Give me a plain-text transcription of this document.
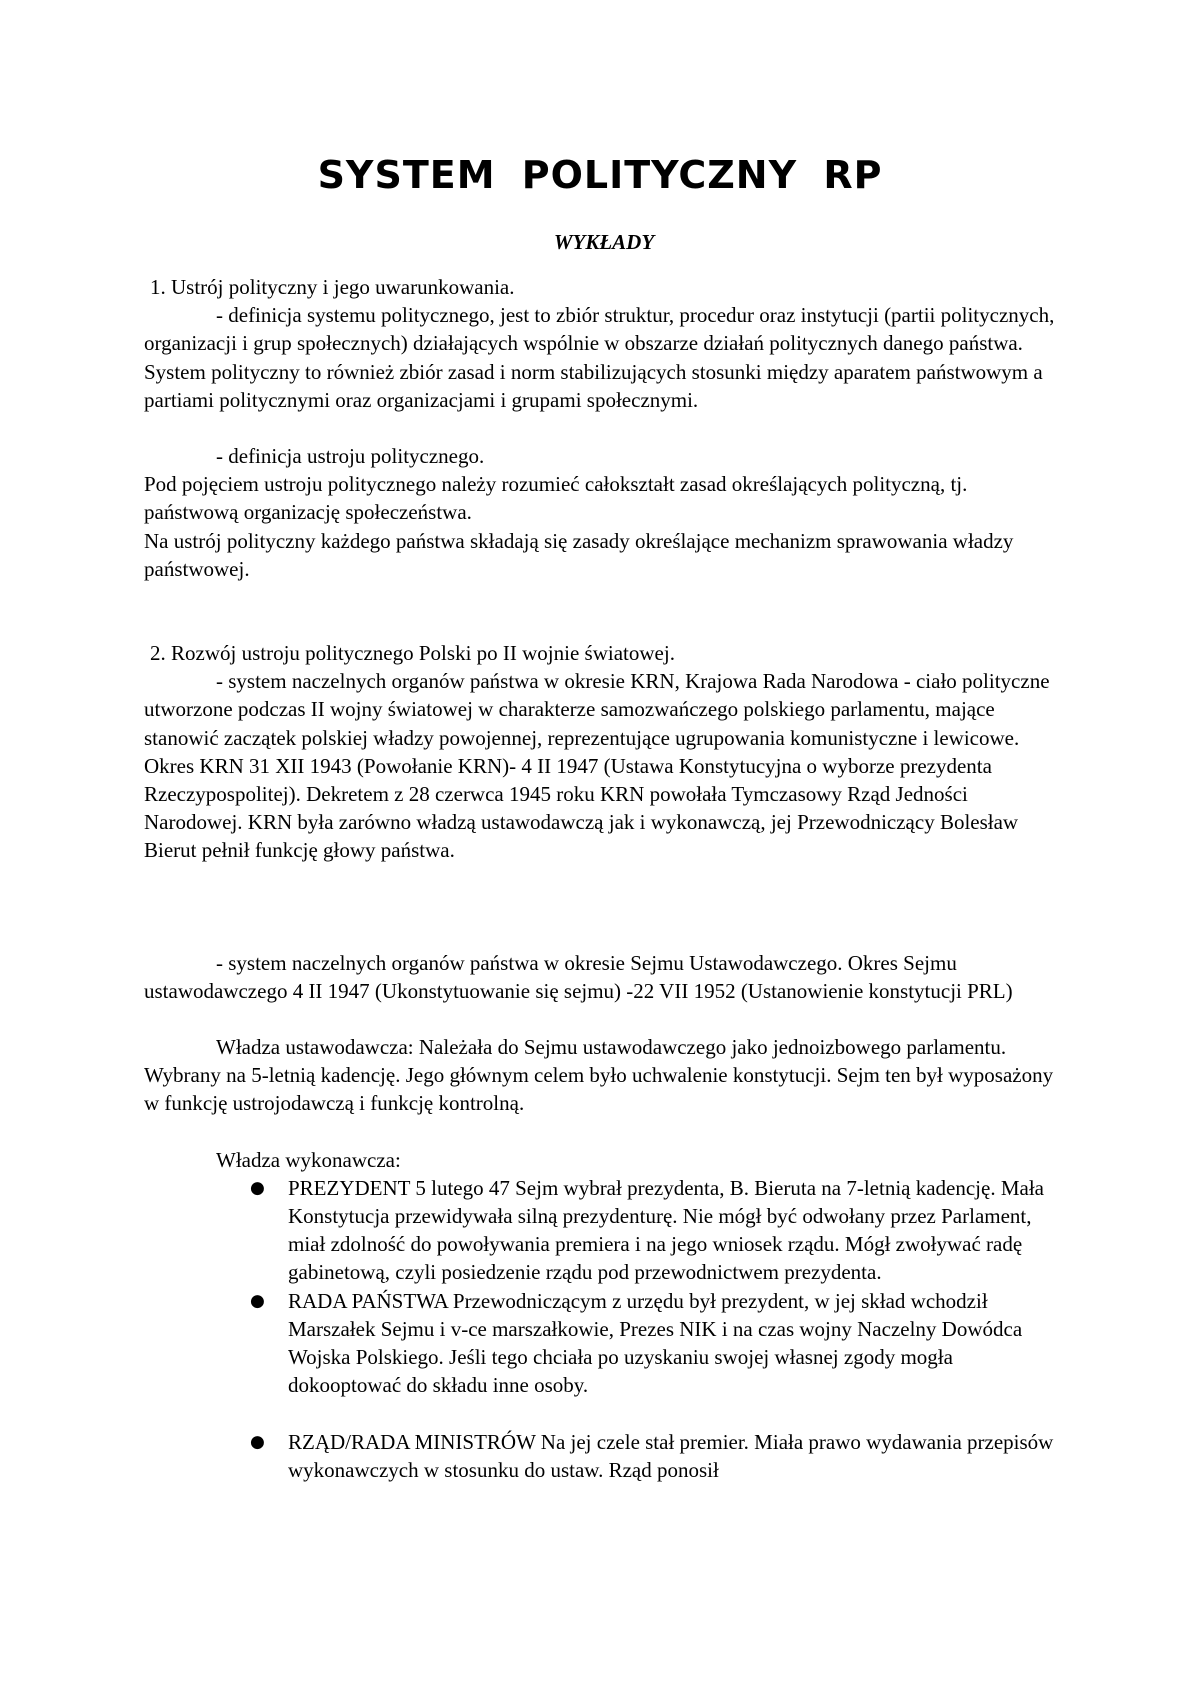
SYSTEM POLITYCZNY RP
WYKŁADY

1. Ustrój polityczny i jego uwarunkowania.

- definicja systemu politycznego, jest to zbiór struktur, procedur oraz instytucji (partii politycznych, organizacji i grup społecznych) działających wspólnie w obszarze działań politycznych danego państwa. System polityczny to również zbiór zasad i norm stabilizujących stosunki między aparatem państwowym a partiami politycznymi oraz organizacjami i grupami społecznymi.

- definicja ustroju politycznego.

Pod pojęciem ustroju politycznego należy rozumieć całokształt zasad określających polityczną, tj. państwową organizację społeczeństwa.

Na ustrój polityczny każdego państwa składają się zasady określające mechanizm sprawowania władzy państwowej.

2. Rozwój ustroju politycznego Polski po II wojnie światowej.

- system naczelnych organów państwa w okresie KRN, Krajowa Rada Narodowa - ciało polityczne utworzone podczas II wojny światowej w charakterze samozwańczego polskiego parlamentu, mające stanowić zaczątek polskiej władzy powojennej, reprezentujące ugrupowania komunistyczne i lewicowe. Okres KRN 31 XII 1943 (Powołanie KRN)- 4 II 1947 (Ustawa Konstytucyjna o wyborze prezydenta Rzeczypospolitej). Dekretem z 28 czerwca 1945 roku KRN powołała Tymczasowy Rząd Jedności Narodowej. KRN była zarówno władzą ustawodawczą jak i wykonawczą, jej Przewodniczący Bolesław Bierut pełnił funkcję głowy państwa.

- system naczelnych organów państwa w okresie Sejmu Ustawodawczego. Okres Sejmu ustawodawczego 4 II 1947 (Ukonstytuowanie się sejmu) -22 VII 1952 (Ustanowienie konstytucji PRL)

Władza ustawodawcza: Należała do Sejmu ustawodawczego jako jednoizbowego parlamentu. Wybrany na 5-letnią kadencję. Jego głównym celem było uchwalenie konstytucji. Sejm ten był wyposażony w funkcję ustrojodawczą i funkcję kontrolną.

Władza wykonawcza:

● PREZYDENT 5 lutego 47 Sejm wybrał prezydenta, B. Bieruta na 7-letnią kadencję. Mała Konstytucja przewidywała silną prezydenturę. Nie mógł być odwołany przez Parlament, miał zdolność do powoływania premiera i na jego wniosek rządu. Mógł zwoływać radę gabinetową, czyli posiedzenie rządu pod przewodnictwem prezydenta.
● RADA PAŃSTWA Przewodniczącym z urzędu był prezydent, w jej skład wchodził Marszałek Sejmu i v-ce marszałkowie, Prezes NIK i na czas wojny Naczelny Dowódca Wojska Polskiego. Jeśli tego chciała po uzyskaniu swojej własnej zgody mogła dokooptować do składu inne osoby.
● RZĄD/RADA MINISTRÓW Na jej czele stał premier. Miała prawo wydawania przepisów wykonawczych w stosunku do ustaw. Rząd ponosił
